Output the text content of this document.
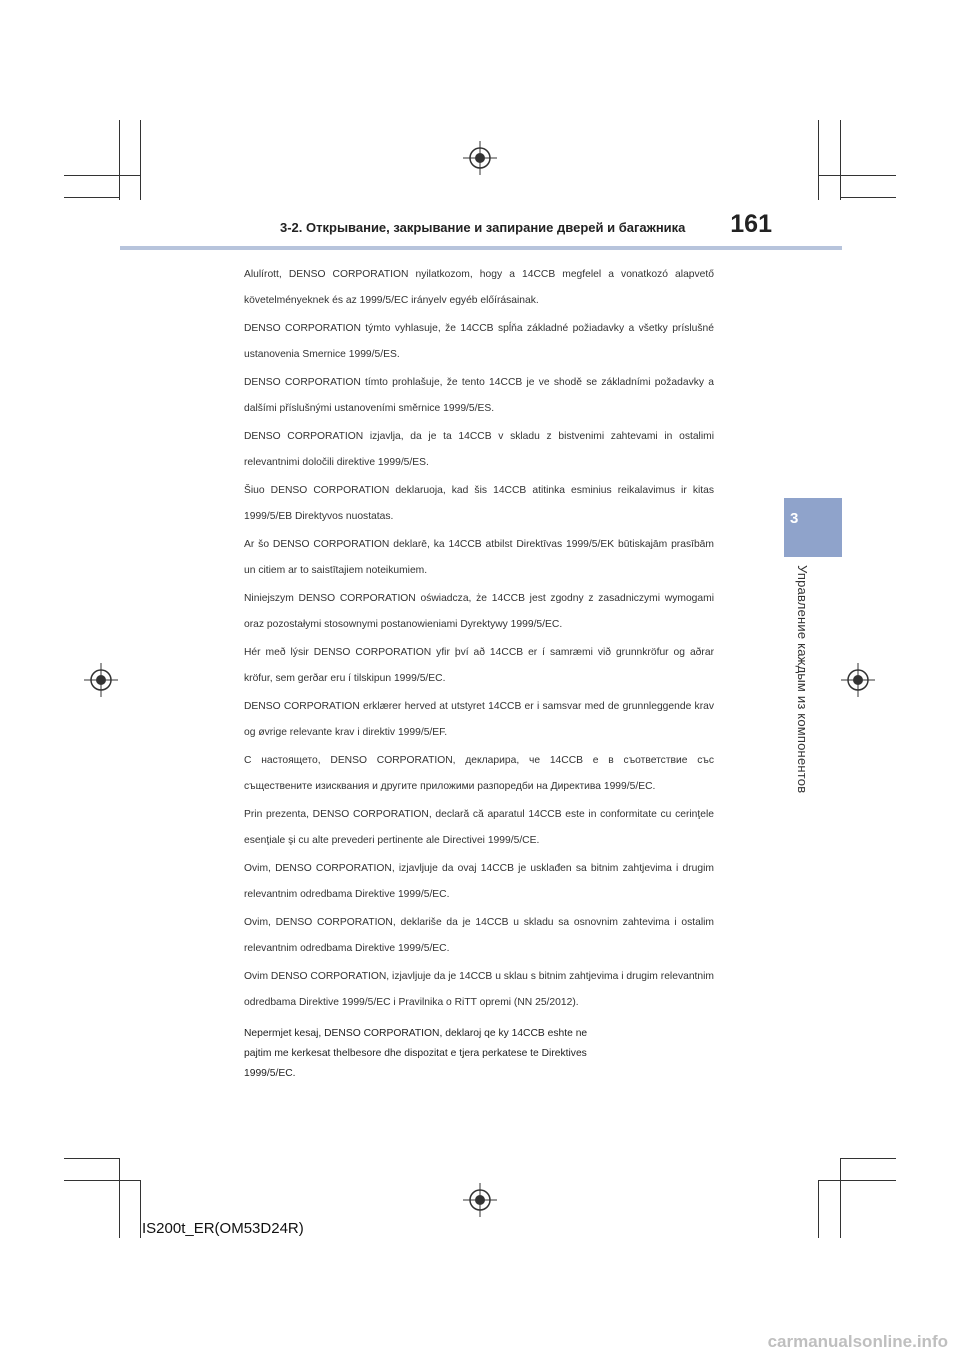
3-2. Открывание, закрывание и запирание дверей и багажника 161
3
Управление каждым из компонентов

Alulírott, DENSO CORPORATION nyilatkozom, hogy a 14CCB megfelel a vonatkozó alapvető követelményeknek és az 1999/5/EC irányelv egyéb előírásainak.

DENSO CORPORATION týmto vyhlasuje, že 14CCB spĺňa základné požiadavky a všetky príslušné ustanovenia Smernice 1999/5/ES.

DENSO CORPORATION tímto prohlašuje, že tento 14CCB je ve shodě se základními požadavky a dalšími příslušnými ustanoveními směrnice 1999/5/ES.

DENSO CORPORATION izjavlja, da je ta 14CCB v skladu z bistvenimi zahtevami in ostalimi relevantnimi določili direktive 1999/5/ES.

Šiuo DENSO CORPORATION deklaruoja, kad šis 14CCB atitinka esminius reikalavimus ir kitas 1999/5/EB Direktyvos nuostatas.

Ar šo DENSO CORPORATION deklarē, ka 14CCB atbilst Direktīvas 1999/5/EK būtiskajām prasībām un citiem ar to saistītajiem noteikumiem.

Niniejszym DENSO CORPORATION oświadcza, że 14CCB jest zgodny z zasadniczymi wymogami oraz pozostałymi stosownymi postanowieniami Dyrektywy 1999/5/EC.

Hér með lýsir DENSO CORPORATION yfir því að 14CCB er í samræmi við grunnkröfur og aðrar kröfur, sem gerðar eru í tilskipun 1999/5/EC.

DENSO CORPORATION erklærer herved at utstyret 14CCB er i samsvar med de grunnleggende krav og øvrige relevante krav i direktiv 1999/5/EF.

С настоящето, DENSO CORPORATION, декларира, че 14CCB е в съответствие със съществените изисквания и другите приложими разпоредби на Директива 1999/5/EC.

Prin prezenta, DENSO CORPORATION, declară că aparatul 14CCB este in conformitate cu cerinţele esenţiale şi cu alte prevederi pertinente ale Directivei 1999/5/CE.

Ovim, DENSO CORPORATION, izjavljuje da ovaj 14CCB je usklađen sa bitnim zahtjevima i drugim relevantnim odredbama Direktive 1999/5/EC.

Ovim, DENSO CORPORATION, deklariše da je 14CCB u skladu sa osnovnim zahtevima i ostalim relevantnim odredbama Direktive 1999/5/EC.

Ovim DENSO CORPORATION, izjavljuje da je 14CCB u sklau s bitnim zahtjevima i drugim relevantnim odredbama Direktive 1999/5/EC i Pravilnika o RiTT opremi (NN 25/2012).

Nepermjet kesaj, DENSO CORPORATION, deklaroj qe ky 14CCB eshte ne pajtim me kerkesat thelbesore dhe dispozitat e tjera perkatese te Direktives 1999/5/EC.

IS200t_ER(OM53D24R)
carmanualsonline.info
